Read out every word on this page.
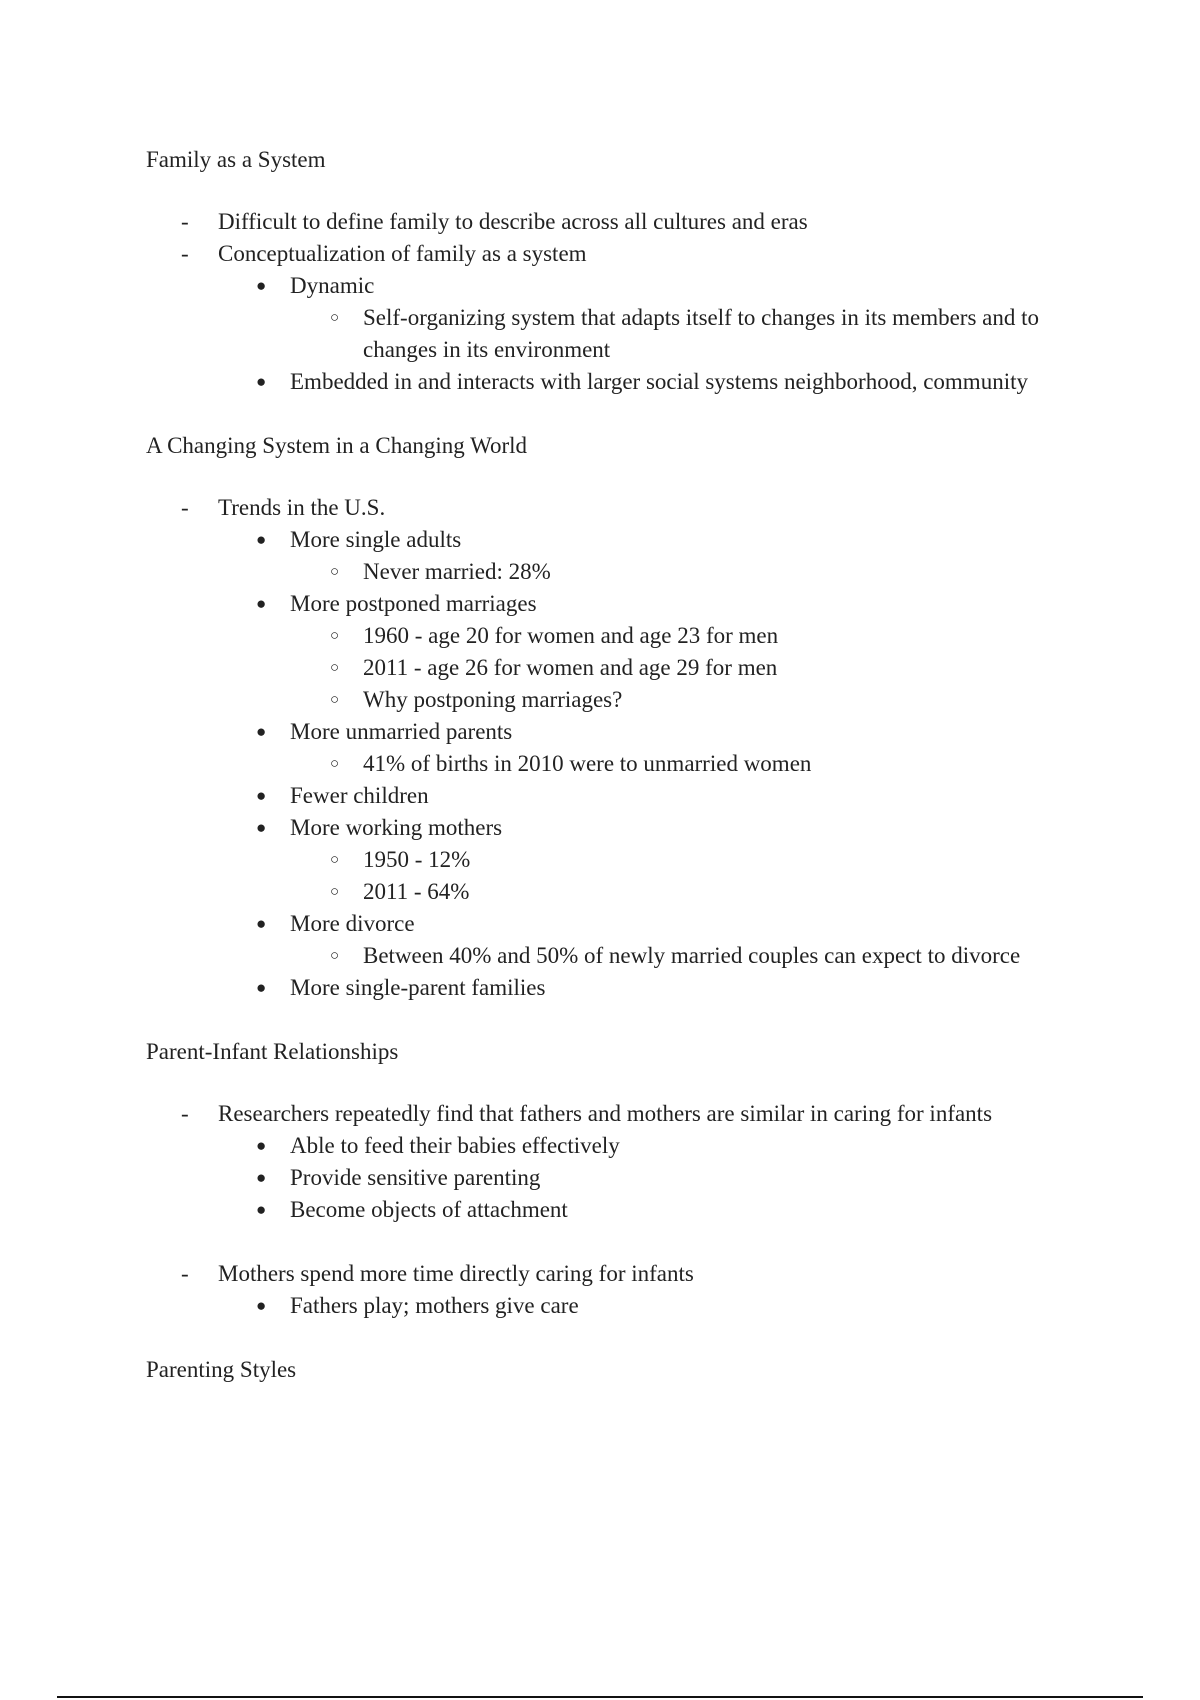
Family as a System
- Difficult to define family to describe across all cultures and eras
- Conceptualization of family as a system
● Dynamic
○ Self-organizing system that adapts itself to changes in its members and to changes in its environment
● Embedded in and interacts with larger social systems neighborhood, community
A Changing System in a Changing World
- Trends in the U.S.
● More single adults
○ Never married: 28%
● More postponed marriages
○ 1960 - age 20 for women and age 23 for men
○ 2011 - age 26 for women and age 29 for men
○ Why postponing marriages?
● More unmarried parents
○ 41% of births in 2010 were to unmarried women
● Fewer children
● More working mothers
○ 1950 - 12%
○ 2011 - 64%
● More divorce
○ Between 40% and 50% of newly married couples can expect to divorce
● More single-parent families
Parent-Infant Relationships
- Researchers repeatedly find that fathers and mothers are similar in caring for infants
● Able to feed their babies effectively
● Provide sensitive parenting
● Become objects of attachment
- Mothers spend more time directly caring for infants
● Fathers play; mothers give care
Parenting Styles
